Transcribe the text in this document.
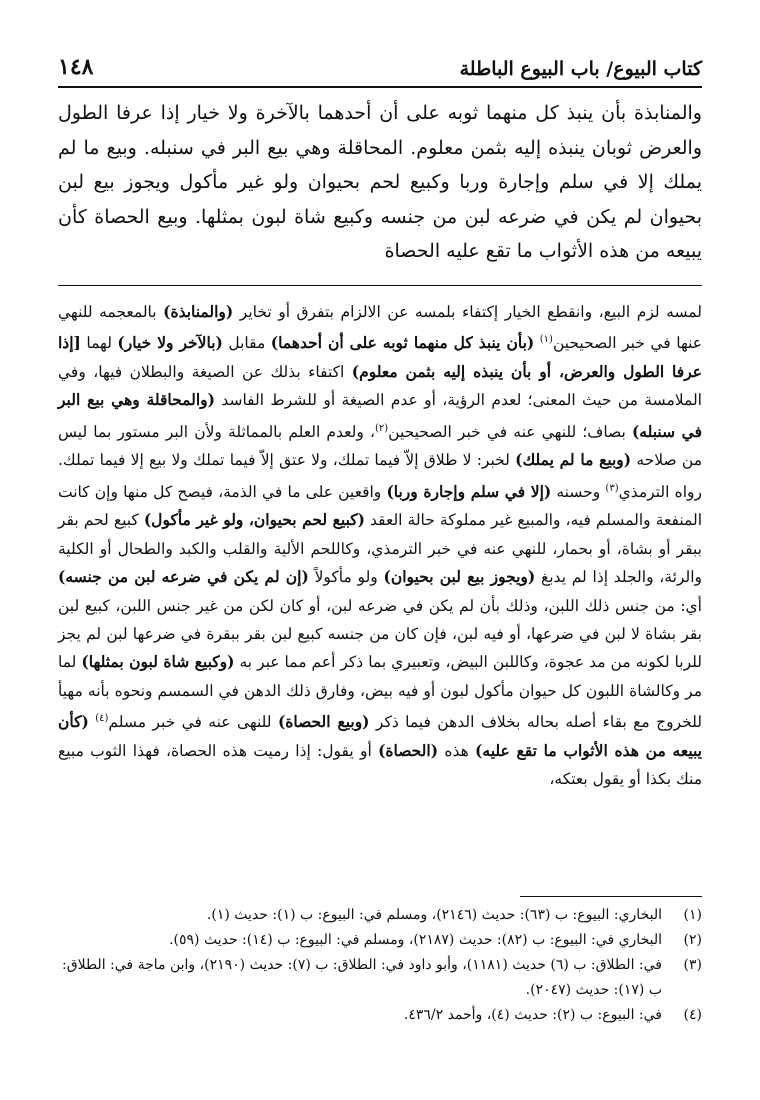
كتاب البيوع/ باب البيوع الباطلة
١٤٨

والمنابذة بأن ينبذ كل منهما ثوبه على أن أحدهما بالآخرة ولا خيار إذا عرفا الطول والعرض ثوبان ينبذه إليه بثمن معلوم. المحاقلة وهي بيع البر في سنبله. وبيع ما لم يملك إلا في سلم وإجارة وربا وكبيع لحم بحيوان ولو غير مأكول ويجوز بيع لبن بحيوان لم يكن في ضرعه لبن من جنسه وكبيع شاة لبون بمثلها. وبيع الحصاة كأن يبيعه من هذه الأثواب ما تقع عليه الحصاة

لمسه لزم البيع، وانقطع الخيار إكتفاء بلمسه عن الالزام بتفرق أو تخاير (والمنابذة) بالمعجمه للنهي عنها في خبر الصحيحين$^{(١)}$ (بأن ينبذ كل منهما ثوبه على أن أحدهما) مقابل (بالآخر ولا خيار) لهما [إذا عرفا الطول والعرض، أو بأن ينبذه إليه بثمن معلوم) اكتفاء بذلك عن الصيغة والبطلان فيها، وفي الملامسة من حيث المعنى؛ لعدم الرؤية، أو عدم الصيغة أو للشرط الفاسد (والمحاقلة وهي بيع البر في سنبله) بصاف؛ للنهي عنه في خبر الصحيحين$^{(٢)}$، ولعدم العلم بالمماثلة ولأن البر مستور بما ليس من صلاحه (وبيع ما لم يملك) لخبر: لا طلاق إلاّ فيما تملك، ولا عتق إلاّ فيما تملك ولا بيع إلا فيما تملك. رواه الترمذي$^{(٣)}$ وحسنه (إلا في سلم وإجارة وربا) واقعين على ما في الذمة، فيصح كل منها وإن كانت المنفعة والمسلم فيه، والمبيع غير مملوكة حالة العقد (كبيع لحم بحيوان، ولو غير مأكول) كبيع لحم بقر ببقر أو بشاة، أو بحمار، للنهي عنه في خبر الترمذي، وكاللحم الألية والقلب والكبد والطحال أو الكلية والرئة، والجلد إذا لم يدبغ (ويجوز بيع لبن بحيوان) ولو مأكولاً (إن لم يكن في ضرعه لبن من جنسه) أي: من جنس ذلك اللبن، وذلك بأن لم يكن في ضرعه لبن، أو كان لكن من غير جنس اللبن، كبيع لبن بقر بشاة لا لبن في ضرعها، أو فيه لبن، فإن كان من جنسه كبيع لبن بقر ببقرة في ضرعها لبن لم يجز للربا لكونه من مد عجوة، وكاللبن البيض، وتعبيري بما ذكر أعم مما عبر به (وكبيع شاة لبون بمثلها) لما مر وكالشاة اللبون كل حيوان مأكول لبون أو فيه بيض، وفارق ذلك الدهن في السمسم ونحوه بأنه مهيأ للخروج مع بقاء أصله بحاله بخلاف الدهن فيما ذكر (وبيع الحصاة) للنهى عنه في خبر مسلم$^{(٤)}$ (كأن يبيعه من هذه الأثواب ما تقع عليه) هذه (الحصاة) أو يقول: إذا رميت هذه الحصاة، فهذا الثوب مبيع منك بكذا أو يقول بعتكه،

(١)
البخاري: البيوع: ب (٦٣): حديث (٢١٤٦)، ومسلم في: البيوع: ب (١): حديث (١).
(٢)
البخاري في: البيوع: ب (٨٢): حديث (٢١٨٧)، ومسلم في: البيوع: ب (١٤): حديث (٥٩).
(٣)
في: الطلاق: ب (٦) حديث (١١٨١)، وأبو داود في: الطلاق: ب (٧): حديث (٢١٩٠)، وابن ماجة في: الطلاق: ب (١٧): حديث (٢٠٤٧).
(٤)
في: البيوع: ب (٢): حديث (٤)، وأحمد ٤٣٦/٢.
